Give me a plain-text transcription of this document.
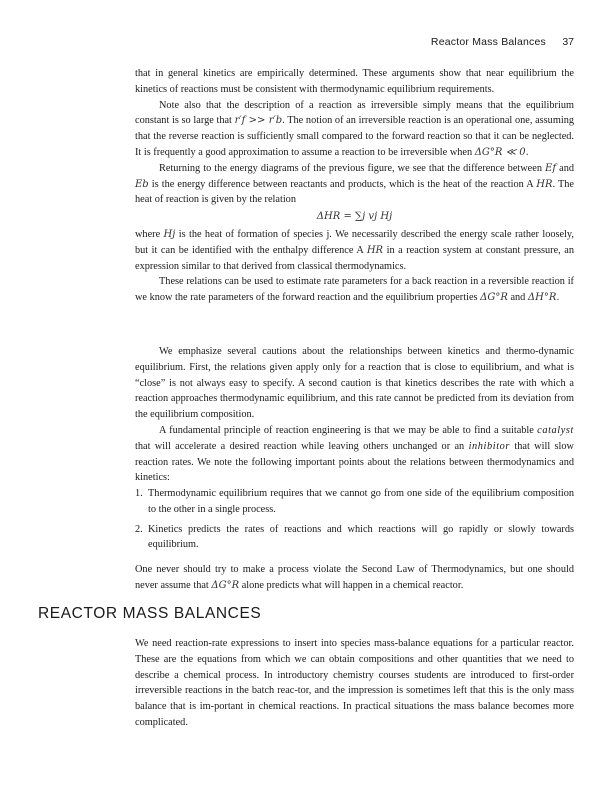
Reactor Mass Balances 37

that in general kinetics are empirically determined. These arguments show that near equilibrium the kinetics of reactions must be consistent with thermodynamic equilibrium requirements.

Note also that the description of a reaction as irreversible simply means that the equilibrium constant is so large that r′f >> r′b. The notion of an irreversible reaction is an operational one, assuming that the reverse reaction is sufficiently small compared to the forward reaction so that it can be neglected. It is frequently a good approximation to assume a reaction to be irreversible when ΔG°R ≪ 0.

Returning to the energy diagrams of the previous figure, we see that the difference between Ef and Eb is the energy difference between reactants and products, which is the heat of the reaction A HR. The heat of reaction is given by the relation

ΔHR = ∑j vj Hj

where Hj is the heat of formation of species j. We necessarily described the energy scale rather loosely, but it can be identified with the enthalpy difference A HR in a reaction system at constant pressure, an expression similar to that derived from classical thermodynamics.

These relations can be used to estimate rate parameters for a back reaction in a reversible reaction if we know the rate parameters of the forward reaction and the equilibrium properties ΔG°R and ΔH°R.

We emphasize several cautions about the relationships between kinetics and thermo-dynamic equilibrium. First, the relations given apply only for a reaction that is close to equilibrium, and what is “close” is not always easy to specify. A second caution is that kinetics describes the rate with which a reaction approaches thermodynamic equilibrium, and this rate cannot be predicted from its deviation from the equilibrium composition.

A fundamental principle of reaction engineering is that we may be able to find a suitable catalyst that will accelerate a desired reaction while leaving others unchanged or an inhibitor that will slow reaction rates. We note the following important points about the relations between thermodynamics and kinetics:

1. Thermodynamic equilibrium requires that we cannot go from one side of the equilibrium composition to the other in a single process.
2. Kinetics predicts the rates of reactions and which reactions will go rapidly or slowly towards equilibrium.

One never should try to make a process violate the Second Law of Thermodynamics, but one should never assume that ΔG°R alone predicts what will happen in a chemical reactor.

REACTOR MASS BALANCES

We need reaction-rate expressions to insert into species mass-balance equations for a particular reactor. These are the equations from which we can obtain compositions and other quantities that we need to describe a chemical process. In introductory chemistry courses students are introduced to first-order irreversible reactions in the batch reac-tor, and the impression is sometimes left that this is the only mass balance that is im-portant in chemical reactions. In practical situations the mass balance becomes more complicated.
